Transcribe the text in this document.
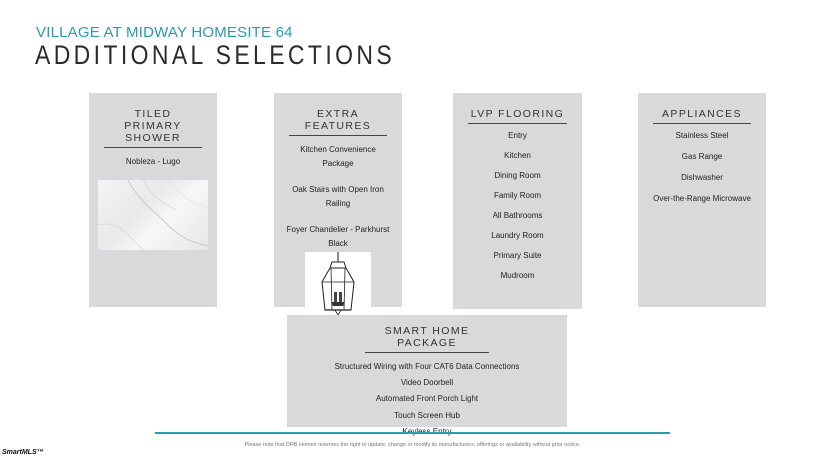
VILLAGE AT MIDWAY HOMESITE 64
ADDITIONAL SELECTIONS
TILED PRIMARY SHOWER
Nobleza - Lugo
EXTRA FEATURES
Kitchen Convenience Package
Oak Stairs with Open Iron Railing
Foyer Chandelier - Parkhurst Black
LVP FLOORING
Entry
Kitchen
Dining Room
Family Room
All Bathrooms
Laundry Room
Primary Suite
Mudroom
APPLIANCES
Stainless Steel
Gas Range
Dishwasher
Over-the-Range Microwave
SMART HOME PACKAGE
Structured Wiring with Four CAT6 Data Connections
Video Doorbell
Automated Front Porch Light
Touch Screen Hub
Please note that DRB Homes reserves the right to update, change or modify its manufacturers, offerings or availability without prior notice.
SmartMLS™
